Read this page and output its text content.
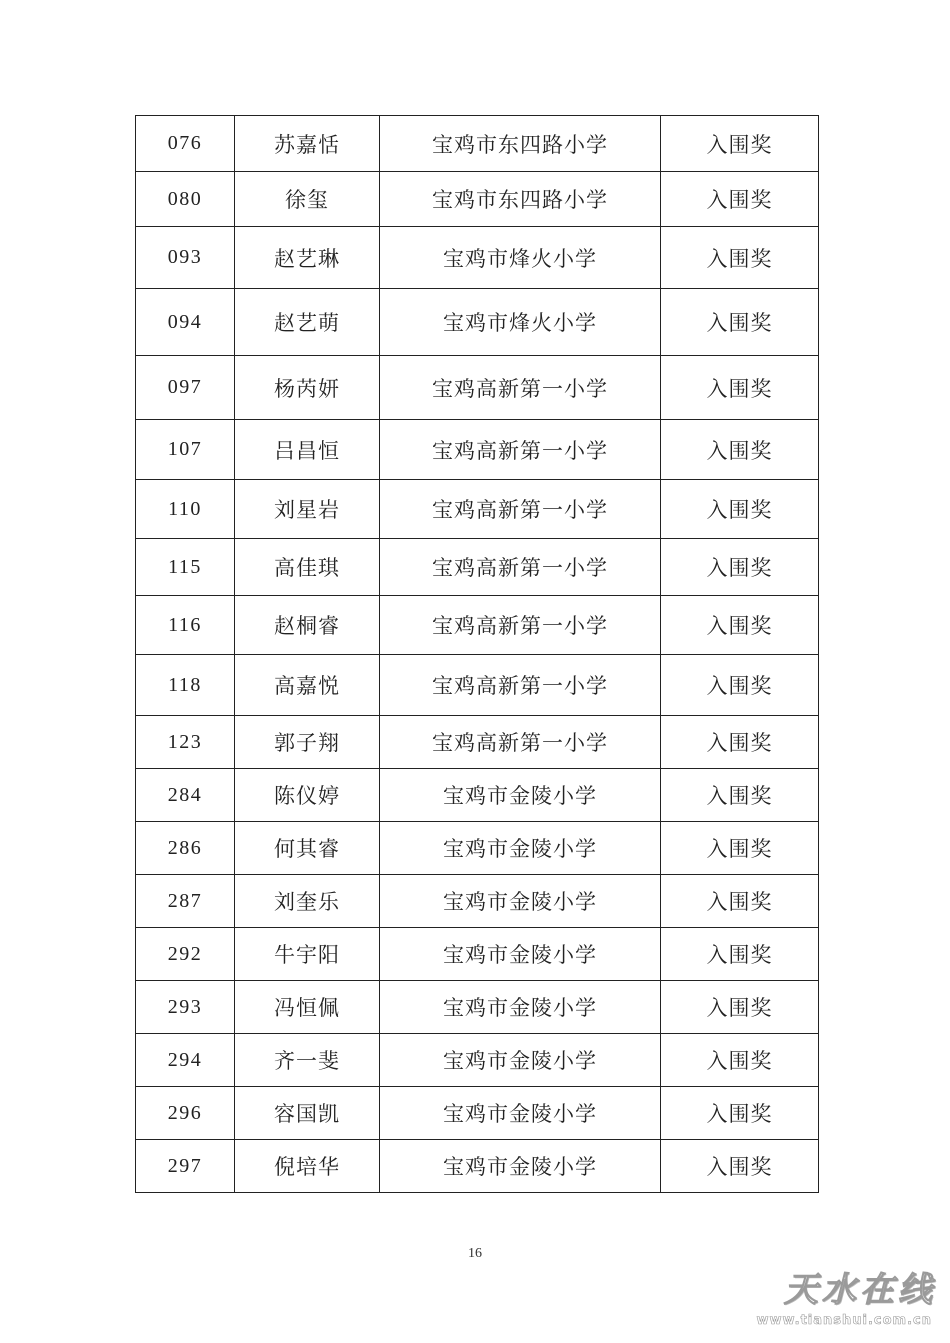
076	苏嘉恬	宝鸡市东四路小学	入围奖
080	徐玺	宝鸡市东四路小学	入围奖
093	赵艺琳	宝鸡市烽火小学	入围奖
094	赵艺萌	宝鸡市烽火小学	入围奖
097	杨芮妍	宝鸡高新第一小学	入围奖
107	吕昌恒	宝鸡高新第一小学	入围奖
110	刘星岩	宝鸡高新第一小学	入围奖
115	高佳琪	宝鸡高新第一小学	入围奖
116	赵桐睿	宝鸡高新第一小学	入围奖
118	高嘉悦	宝鸡高新第一小学	入围奖
123	郭子翔	宝鸡高新第一小学	入围奖
284	陈仪婷	宝鸡市金陵小学	入围奖
286	何其睿	宝鸡市金陵小学	入围奖
287	刘奎乐	宝鸡市金陵小学	入围奖
292	牛宇阳	宝鸡市金陵小学	入围奖
293	冯恒佩	宝鸡市金陵小学	入围奖
294	齐一斐	宝鸡市金陵小学	入围奖
296	容国凯	宝鸡市金陵小学	入围奖
297	倪培华	宝鸡市金陵小学	入围奖
16
天水在线
www.tianshui.com.cn
